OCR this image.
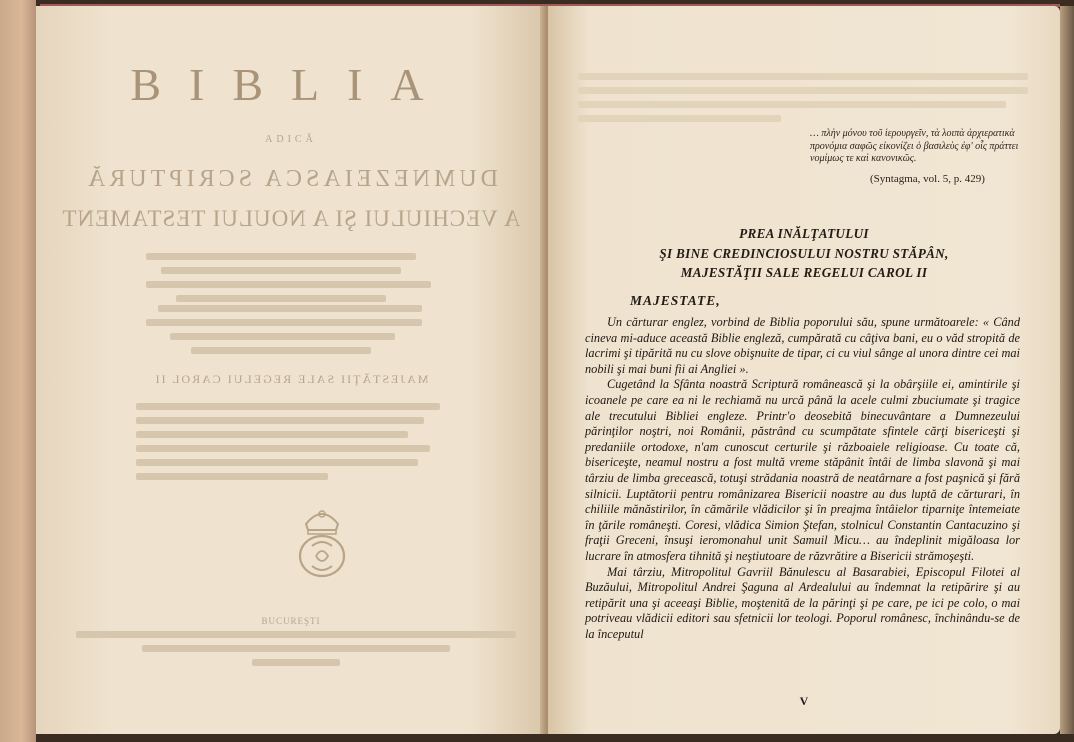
BIBLIA
ADICĂ
DUMNEZEIASCA SCRIPTURĂ
A VECHIULUI ŞI A NOULUI TESTAMENT
MAJESTĂŢII SALE REGELUI CAROL II
BUCUREŞTI
… πλὴν μόνου τοῦ ἱερουργεῖν, τὰ λοιπὰ ἀρχιερατικὰ προνόμια σαφῶς εἰκονίζει ὁ βασιλεὺς ἐφ' οἷς πράττει νομίμως τε καὶ κανονικῶς.
(Syntagma, vol. 5, p. 429)
PREA INĂLŢATULUI
ŞI BINE CREDINCIOSULUI NOSTRU STĂPÂN,
MAJESTĂŢII SALE REGELUI CAROL II
MAJESTATE,

Un cărturar englez, vorbind de Biblia poporului său, spune următoarele: « Când cineva mi-aduce această Biblie engleză, cumpărată cu câţiva bani, eu o văd stropită de lacrimi şi tipărită nu cu slove obişnuite de tipar, ci cu viul sânge al unora dintre cei mai nobili şi mai buni fii ai Angliei ».

Cugetând la Sfânta noastră Scriptură românească şi la obârşiile ei, amintirile şi icoanele pe care ea ni le rechiamă nu urcă până la acele culmi zbuciumate şi tragice ale trecutului Bibliei engleze. Printr'o deosebită binecuvântare a Dumnezeului părinţilor noştri, noi Românii, păstrând cu scumpătate sfintele cărţi bisericeşti şi predaniile ortodoxe, n'am cunoscut certurile şi războaiele religioase. Cu toate că, bisericeşte, neamul nostru a fost multă vreme stăpânit întâi de limba slavonă şi mai târziu de limba grecească, totuşi strădania noastră de neatârnare a fost paşnică şi fără silnicii. Luptătorii pentru românizarea Bisericii noastre au dus luptă de cărturari, în chiliile mănăstirilor, în cămările vlădicilor şi în preajma întâielor tiparniţe întemeiate în ţările româneşti. Coresi, vlădica Simion Ştefan, stolnicul Constantin Cantacuzino şi fraţii Greceni, însuşi ieromonahul unit Samuil Micu… au îndeplinit migăloasa lor lucrare în atmosfera tihnită şi neştiutoare de răzvrătire a Bisericii strămoşeşti.

Mai târziu, Mitropolitul Gavriil Bănulescu al Basarabiei, Episcopul Filotei al Buzăului, Mitropolitul Andrei Şaguna al Ardealului au îndemnat la retipărire şi au retipărit una şi aceeaşi Biblie, moştenită de la părinţi şi pe care, pe ici pe colo, o mai potriveau vlădicii editori sau sfetnicii lor teologi. Poporul românesc, închinându-se de la începutul

V
